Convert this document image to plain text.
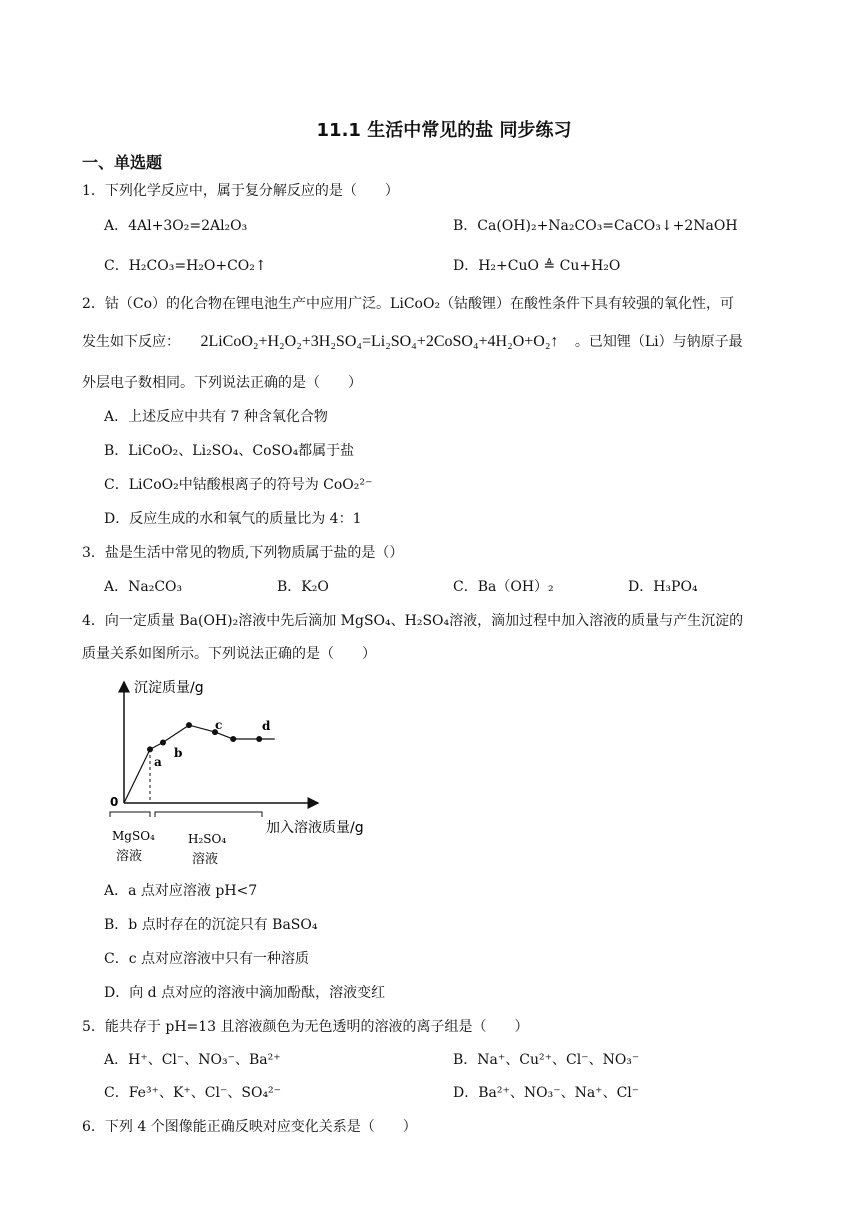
11.1 生活中常见的盐 同步练习
一、单选题
1．下列化学反应中，属于复分解反应的是（　　）
A．4Al+3O₂=2Al₂O₃	B．Ca(OH)₂+Na₂CO₃=CaCO₃↓+2NaOH
C．H₂CO₃=H₂O+CO₂↑	D．H₂+CuO ≜ Cu+H₂O
2．钴（Co）的化合物在锂电池生产中应用广泛。LiCoO₂（钴酸锂）在酸性条件下具有较强的氧化性，可
发生如下反应： 2LiCoO₂+H₂O₂+3H₂SO₄=Li₂SO₄+2CoSO₄+4H₂O+O₂↑ 。已知锂（Li）与钠原子最
外层电子数相同。下列说法正确的是（　　）
A．上述反应中共有 7 种含氧化合物
B．LiCoO₂、Li₂SO₄、CoSO₄都属于盐
C．LiCoO₂中钴酸根离子的符号为 CoO₂²⁻
D．反应生成的水和氧气的质量比为 4：1
3．盐是生活中常见的物质,下列物质属于盐的是（）
A．Na₂CO₃	B．K₂O	C．Ba（OH）₂	D．H₃PO₄
4．向一定质量 Ba(OH)₂溶液中先后滴加 MgSO₄、H₂SO₄溶液，滴加过程中加入溶液的质量与产生沉淀的
质量关系如图所示。下列说法正确的是（　　）
沉淀质量/g
加入溶液质量/g
0
a
b
c	d
MgSO₄
溶液
H₂SO₄
溶液
A．a 点对应溶液 pH<7
B．b 点时存在的沉淀只有 BaSO₄
C．c 点对应溶液中只有一种溶质
D．向 d 点对应的溶液中滴加酚酞，溶液变红
5．能共存于 pH=13 且溶液颜色为无色透明的溶液的离子组是（　　）
A．H⁺、Cl⁻、NO₃⁻、Ba²⁺	B．Na⁺、Cu²⁺、Cl⁻、NO₃⁻
C．Fe³⁺、K⁺、Cl⁻、SO₄²⁻	D．Ba²⁺、NO₃⁻、Na⁺、Cl⁻
6．下列 4 个图像能正确反映对应变化关系是（　　）
